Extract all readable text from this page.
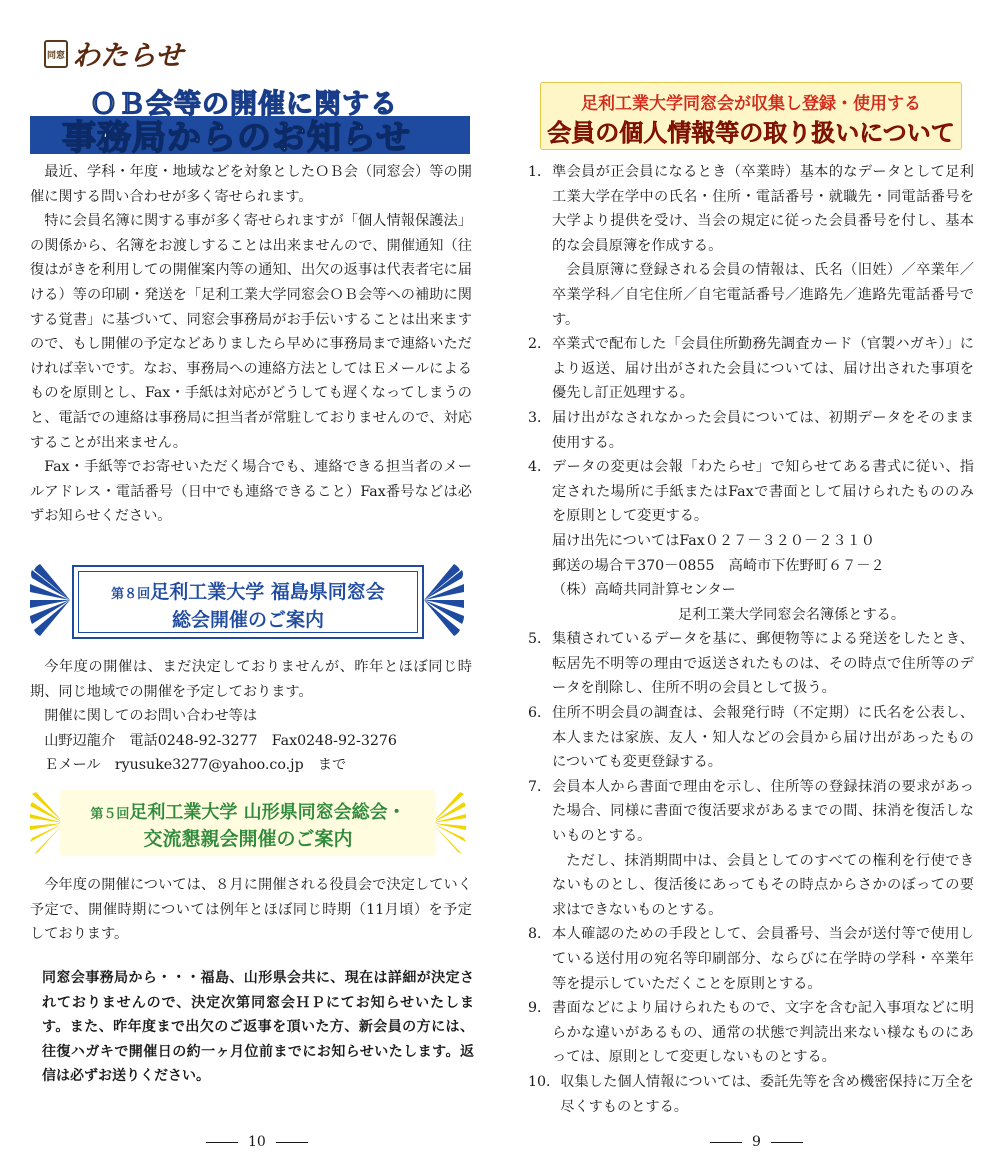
同窓 わたらせ
ＯＢ会等の開催に関する
事務局からのお知らせ

最近、学科・年度・地域などを対象としたＯＢ会（同窓会）等の開催に関する問い合わせが多く寄せられます。

特に会員名簿に関する事が多く寄せられますが「個人情報保護法」の関係から、名簿をお渡しすることは出来ませんので、開催通知（往復はがきを利用しての開催案内等の通知、出欠の返事は代表者宅に届ける）等の印刷・発送を「足利工業大学同窓会ＯＢ会等への補助に関する覚書」に基づいて、同窓会事務局がお手伝いすることは出来ますので、もし開催の予定などありましたら早めに事務局まで連絡いただければ幸いです。なお、事務局への連絡方法としてはＥメールによるものを原則とし、Fax・手紙は対応がどうしても遅くなってしまうのと、電話での連絡は事務局に担当者が常駐しておりませんので、対応することが出来ません。

Fax・手紙等でお寄せいただく場合でも、連絡できる担当者のメールアドレス・電話番号（日中でも連絡できること）Fax番号などは必ずお知らせください。

第８回足利工業大学 福島県同窓会
総会開催のご案内

今年度の開催は、まだ決定しておりませんが、昨年とほぼ同じ時期、同じ地域での開催を予定しております。

開催に関してのお問い合わせ等は

山野辺龍介　電話0248-92-3277　Fax0248-92-3276

Ｅメール　ryusuke3277@yahoo.co.jp　まで

第５回足利工業大学 山形県同窓会総会・
交流懇親会開催のご案内

今年度の開催については、８月に開催される役員会で決定していく予定で、開催時期については例年とほぼ同じ時期（11月頃）を予定しております。

同窓会事務局から・・・福島、山形県会共に、現在は詳細が決定されておりませんので、決定次第同窓会ＨＰにてお知らせいたします。また、昨年度まで出欠のご返事を頂いた方、新会員の方には、往復ハガキで開催日の約一ヶ月位前までにお知らせいたします。返信は必ずお送りください。

足利工業大学同窓会が収集し登録・使用する
会員の個人情報等の取り扱いについて
1． 準会員が正会員になるとき（卒業時）基本的なデータとして足利工業大学在学中の氏名・住所・電話番号・就職先・同電話番号を大学より提供を受け、当会の規定に従った会員番号を付し、基本的な会員原簿を作成する。
会員原簿に登録される会員の情報は、氏名（旧姓）／卒業年／卒業学科／自宅住所／自宅電話番号／進路先／進路先電話番号です。
2． 卒業式で配布した「会員住所勤務先調査カード（官製ハガキ）」により返送、届け出がされた会員については、届け出された事項を優先し訂正処理する。
3． 届け出がなされなかった会員については、初期データをそのまま使用する。
4． データの変更は会報「わたらせ」で知らせてある書式に従い、指定された場所に手紙またはFaxで書面として届けられたもののみを原則として変更する。
届け出先についてはFax０２７－３２０－２３１０
郵送の場合〒370－0855　高崎市下佐野町６７－２
（株）高崎共同計算センター
足利工業大学同窓会名簿係とする。
5． 集積されているデータを基に、郵便物等による発送をしたとき、転居先不明等の理由で返送されたものは、その時点で住所等のデータを削除し、住所不明の会員として扱う。
6． 住所不明会員の調査は、会報発行時（不定期）に氏名を公表し、本人または家族、友人・知人などの会員から届け出があったものについても変更登録する。
7． 会員本人から書面で理由を示し、住所等の登録抹消の要求があった場合、同様に書面で復活要求があるまでの間、抹消を復活しないものとする。
ただし、抹消期間中は、会員としてのすべての権利を行使できないものとし、復活後にあってもその時点からさかのぼっての要求はできないものとする。
8． 本人確認のための手段として、会員番号、当会が送付等で使用している送付用の宛名等印刷部分、ならびに在学時の学科・卒業年等を提示していただくことを原則とする。
9． 書面などにより届けられたもので、文字を含む記入事項などに明らかな違いがあるもの、通常の状態で判読出来ない様なものにあっては、原則として変更しないものとする。
10． 収集した個人情報については、委託先等を含め機密保持に万全を尽くすものとする。
10	9
